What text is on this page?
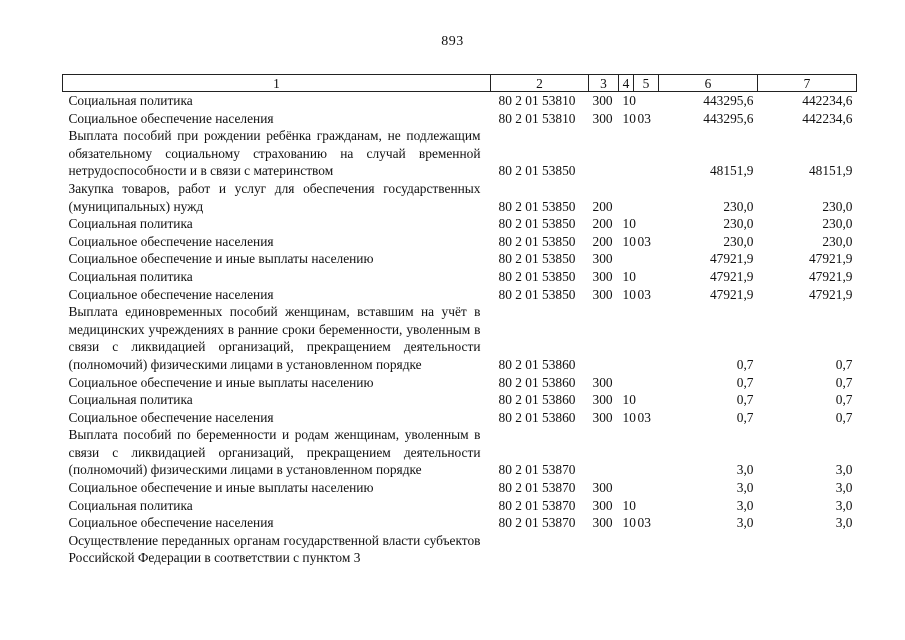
893
1	2	3	4	5	6	7
Социальная политика	80 2 01 53810	300	10		443295,6	442234,6
Социальное обеспечение населения	80 2 01 53810	300	10	03	443295,6	442234,6
Выплата пособий при рождении ребёнка гражданам, не подлежащим обязательному социальному страхованию на случай временной нетрудоспособности и в связи с материнством	80 2 01 53850				48151,9	48151,9
Закупка товаров, работ и услуг для обеспечения государственных (муниципальных) нужд	80 2 01 53850	200			230,0	230,0
Социальная политика	80 2 01 53850	200	10		230,0	230,0
Социальное обеспечение населения	80 2 01 53850	200	10	03	230,0	230,0
Социальное обеспечение и иные выплаты населению	80 2 01 53850	300			47921,9	47921,9
Социальная политика	80 2 01 53850	300	10		47921,9	47921,9
Социальное обеспечение населения	80 2 01 53850	300	10	03	47921,9	47921,9
Выплата единовременных пособий женщинам, вставшим на учёт в медицинских учреждениях в ранние сроки беременности, уволенным в связи с ликвидацией организаций, прекращением деятельности (полномочий) физическими лицами в установленном порядке	80 2 01 53860				0,7	0,7
Социальное обеспечение и иные выплаты населению	80 2 01 53860	300			0,7	0,7
Социальная политика	80 2 01 53860	300	10		0,7	0,7
Социальное обеспечение населения	80 2 01 53860	300	10	03	0,7	0,7
Выплата пособий по беременности и родам женщинам, уволенным в связи с ликвидацией организаций, прекращением деятельности (полномочий) физическими лицами в установленном порядке	80 2 01 53870				3,0	3,0
Социальное обеспечение и иные выплаты населению	80 2 01 53870	300			3,0	3,0
Социальная политика	80 2 01 53870	300	10		3,0	3,0
Социальное обеспечение населения	80 2 01 53870	300	10	03	3,0	3,0
Осуществление переданных органам государственной власти субъектов Российской Федерации в соответствии с пунктом 3						
